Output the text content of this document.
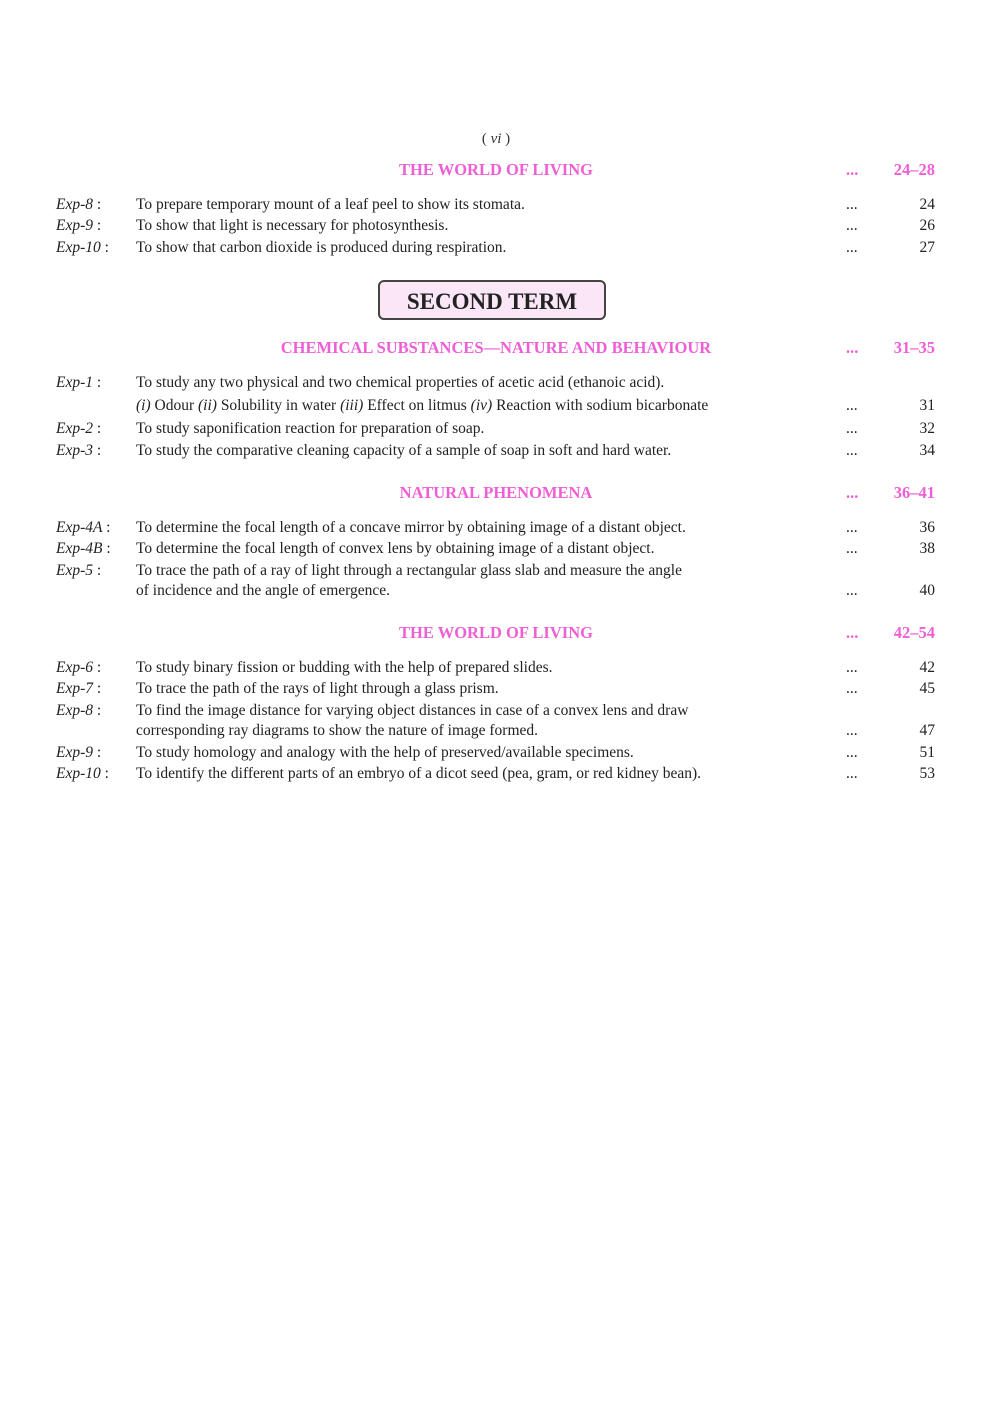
( vi )
THE WORLD OF LIVING	... 24–28
Exp-8 : To prepare temporary mount of a leaf peel to show its stomata.	...	24
Exp-9 : To show that light is necessary for photosynthesis.	...	26
Exp-10 : To show that carbon dioxide is produced during respiration.	...	27
SECOND TERM
CHEMICAL SUBSTANCES—NATURE AND BEHAVIOUR	... 31–35
Exp-1 : To study any two physical and two chemical properties of acetic acid (ethanoic acid).
(i) Odour (ii) Solubility in water (iii) Effect on litmus (iv) Reaction with sodium bicarbonate	...	31
Exp-2 : To study saponification reaction for preparation of soap.	...	32
Exp-3 : To study the comparative cleaning capacity of a sample of soap in soft and hard water.	...	34
NATURAL PHENOMENA	... 36–41
Exp-4A : To determine the focal length of a concave mirror by obtaining image of a distant object.	...	36
Exp-4B : To determine the focal length of convex lens by obtaining image of a distant object.	...	38
Exp-5 : To trace the path of a ray of light through a rectangular glass slab and measure the angle
of incidence and the angle of emergence.	...	40
THE WORLD OF LIVING	... 42–54
Exp-6 : To study binary fission or budding with the help of prepared slides.	...	42
Exp-7 : To trace the path of the rays of light through a glass prism.	...	45
Exp-8 : To find the image distance for varying object distances in case of a convex lens and draw
corresponding ray diagrams to show the nature of image formed.	...	47
Exp-9 : To study homology and analogy with the help of preserved/available specimens.	...	51
Exp-10 : To identify the different parts of an embryo of a dicot seed (pea, gram, or red kidney bean).	...	53
